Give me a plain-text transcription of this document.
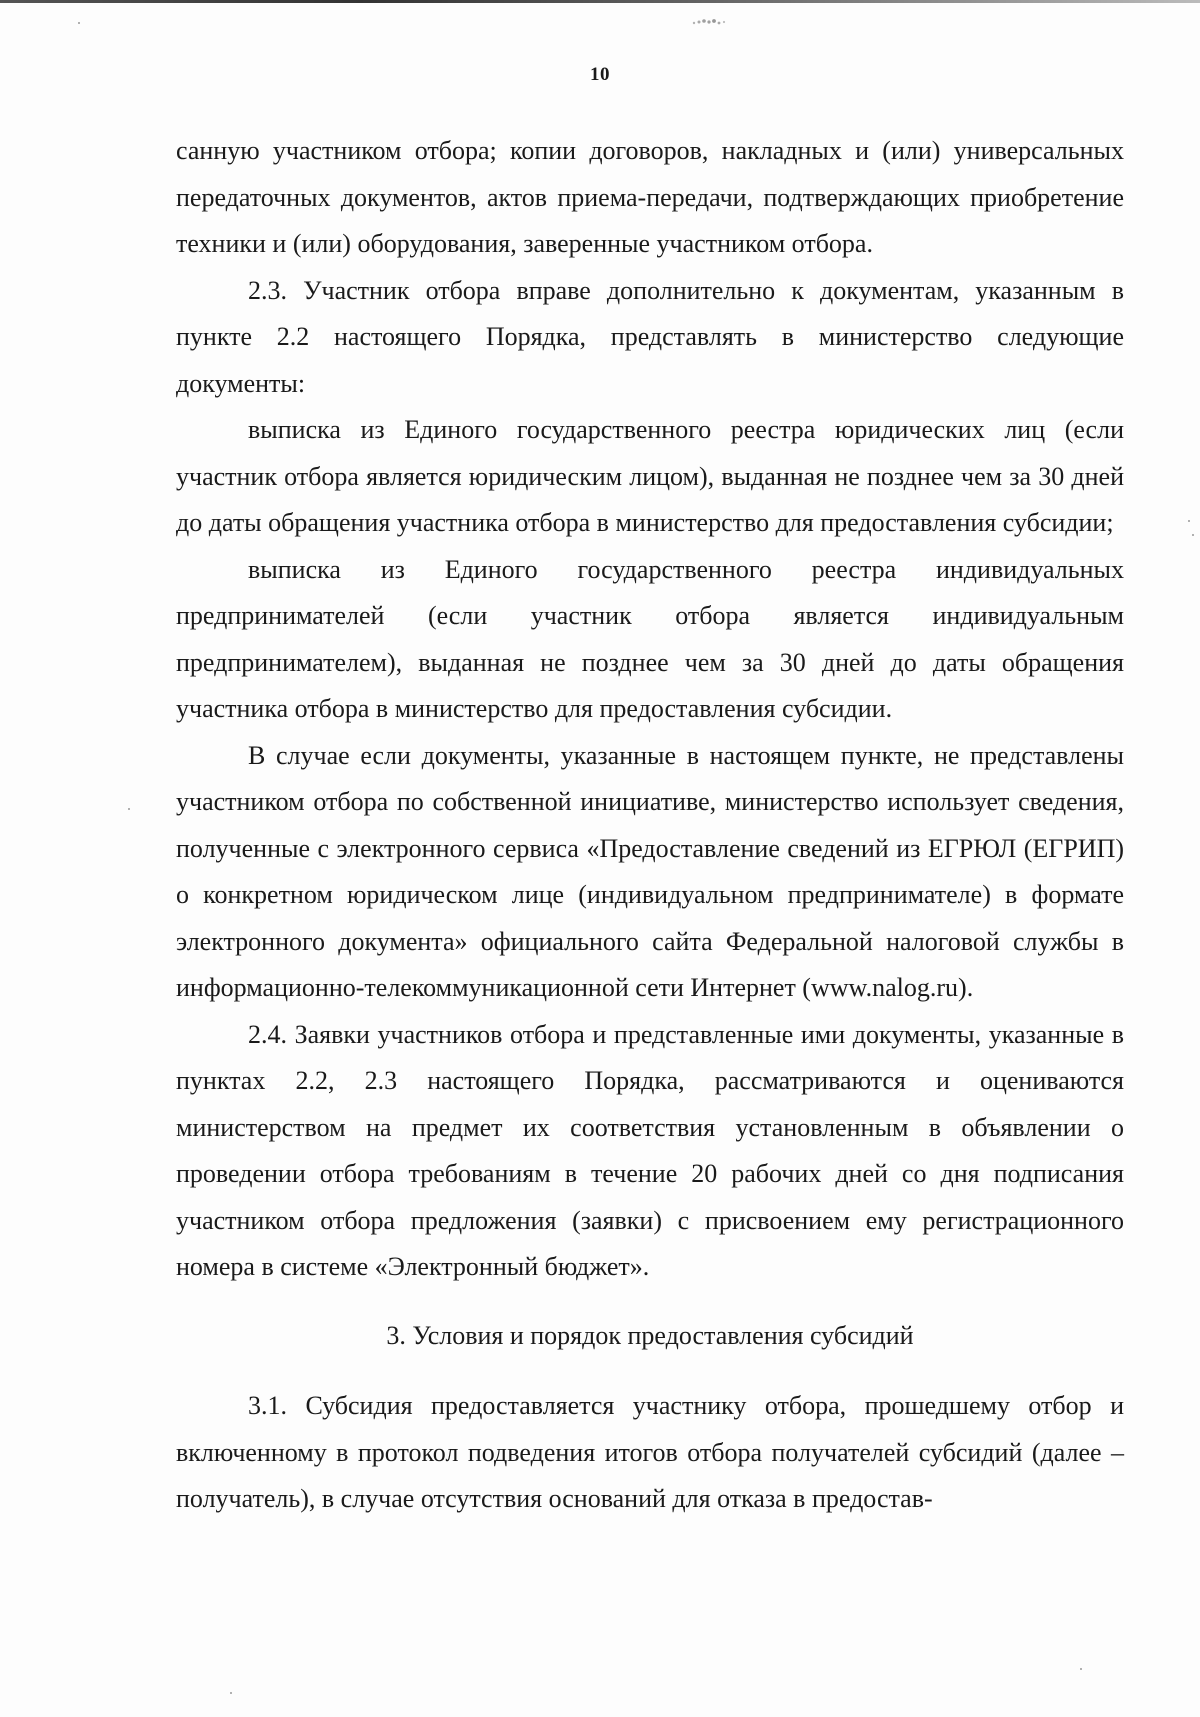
10

санную участником отбора; копии договоров, накладных и (или) универсальных передаточных документов, актов приема-передачи, подтверждающих приобретение техники и (или) оборудования, заверенные участником отбора.

2.3. Участник отбора вправе дополнительно к документам, указанным в пункте 2.2 настоящего Порядка, представлять в министерство следующие документы:

выписка из Единого государственного реестра юридических лиц (если участник отбора является юридическим лицом), выданная не позднее чем за 30 дней до даты обращения участника отбора в министерство для предоставления субсидии;

выписка из Единого государственного реестра индивидуальных предпринимателей (если участник отбора является индивидуальным предпринимателем), выданная не позднее чем за 30 дней до даты обращения участника отбора в министерство для предоставления субсидии.

В случае если документы, указанные в настоящем пункте, не представлены участником отбора по собственной инициативе, министерство использует сведения, полученные с электронного сервиса «Предоставление сведений из ЕГРЮЛ (ЕГРИП) о конкретном юридическом лице (индивидуальном предпринимателе) в формате электронного документа» официального сайта Федеральной налоговой службы в информационно-телекоммуникационной сети Интернет (www.nalog.ru).

2.4. Заявки участников отбора и представленные ими документы, указанные в пунктах 2.2, 2.3 настоящего Порядка, рассматриваются и оцениваются министерством на предмет их соответствия установленным в объявлении о проведении отбора требованиям в течение 20 рабочих дней со дня подписания участником отбора предложения (заявки) с присвоением ему регистрационного номера в системе «Электронный бюджет».

3. Условия и порядок предоставления субсидий

3.1. Субсидия предоставляется участнику отбора, прошедшему отбор и включенному в протокол подведения итогов отбора получателей субсидий (далее – получатель), в случае отсутствия оснований для отказа в предостав-
